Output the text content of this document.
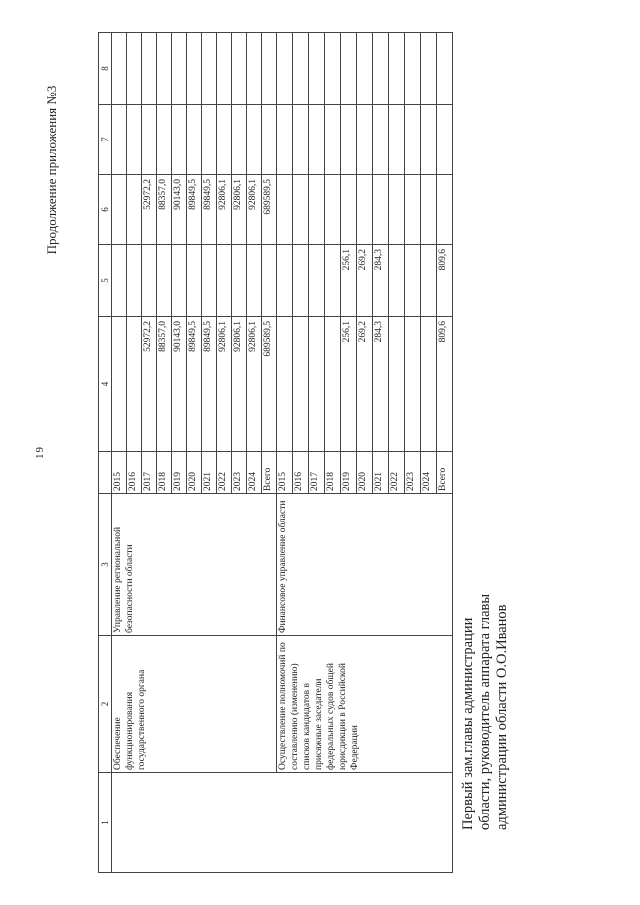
19
Продолжение приложения №3
1	2	3		4	5	6	7	8
	Обеспечение функционирования государственного органа	Управление региональной безопасности области	2015					
			2016					
			2017	52972,2		52972,2		
			2018	88357,0		88357,0		
			2019	90143,0		90143,0		
			2020	89849,5		89849,5		
			2021	89849,5		89849,5		
			2022	92806,1		92806,1		
			2023	92806,1		92806,1		
			2024	92806,1		92806,1		
			Всего	689589,5		689589,5		
	Осуществление полномочий по составлению (изменению) списков кандидатов в присяжные заседатели федеральных судов общей юрисдикции в Российской Федерации	Финансовое управление области	2015					
			2016					
			2017					
			2018					
			2019	256,1	256,1			
			2020	269,2	269,2			
			2021	284,3	284,3			
			2022					
			2023					
			2024					
			Всего	809,6	809,6			
Первый зам.главы администрации области, руководитель аппарата главы администрации области О.О.Иванов
